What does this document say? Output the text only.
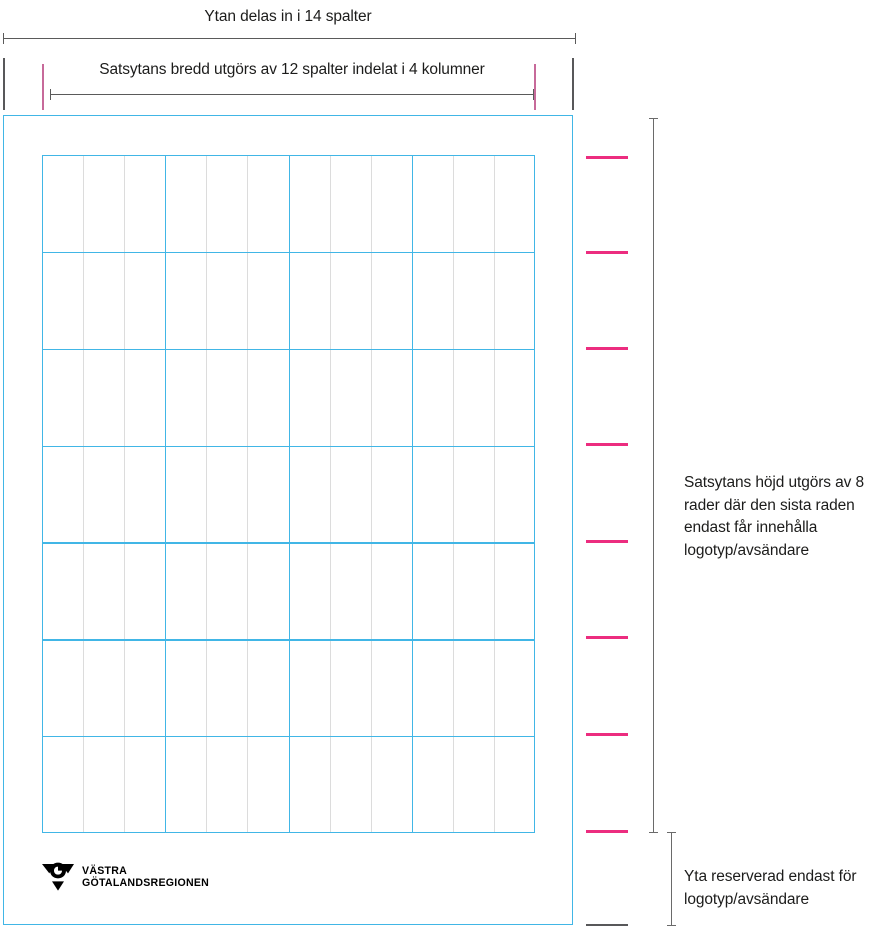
Ytan delas in i 14 spalter
Satsytans bredd utgörs av 12 spalter indelat i 4 kolumner
Satsytans höjd utgörs av 8 rader där den sista raden endast får innehålla logotyp/avsändare
Yta reserverad endast för logotyp/avsändare
VÄSTRA
GÖTALANDSREGIONEN
